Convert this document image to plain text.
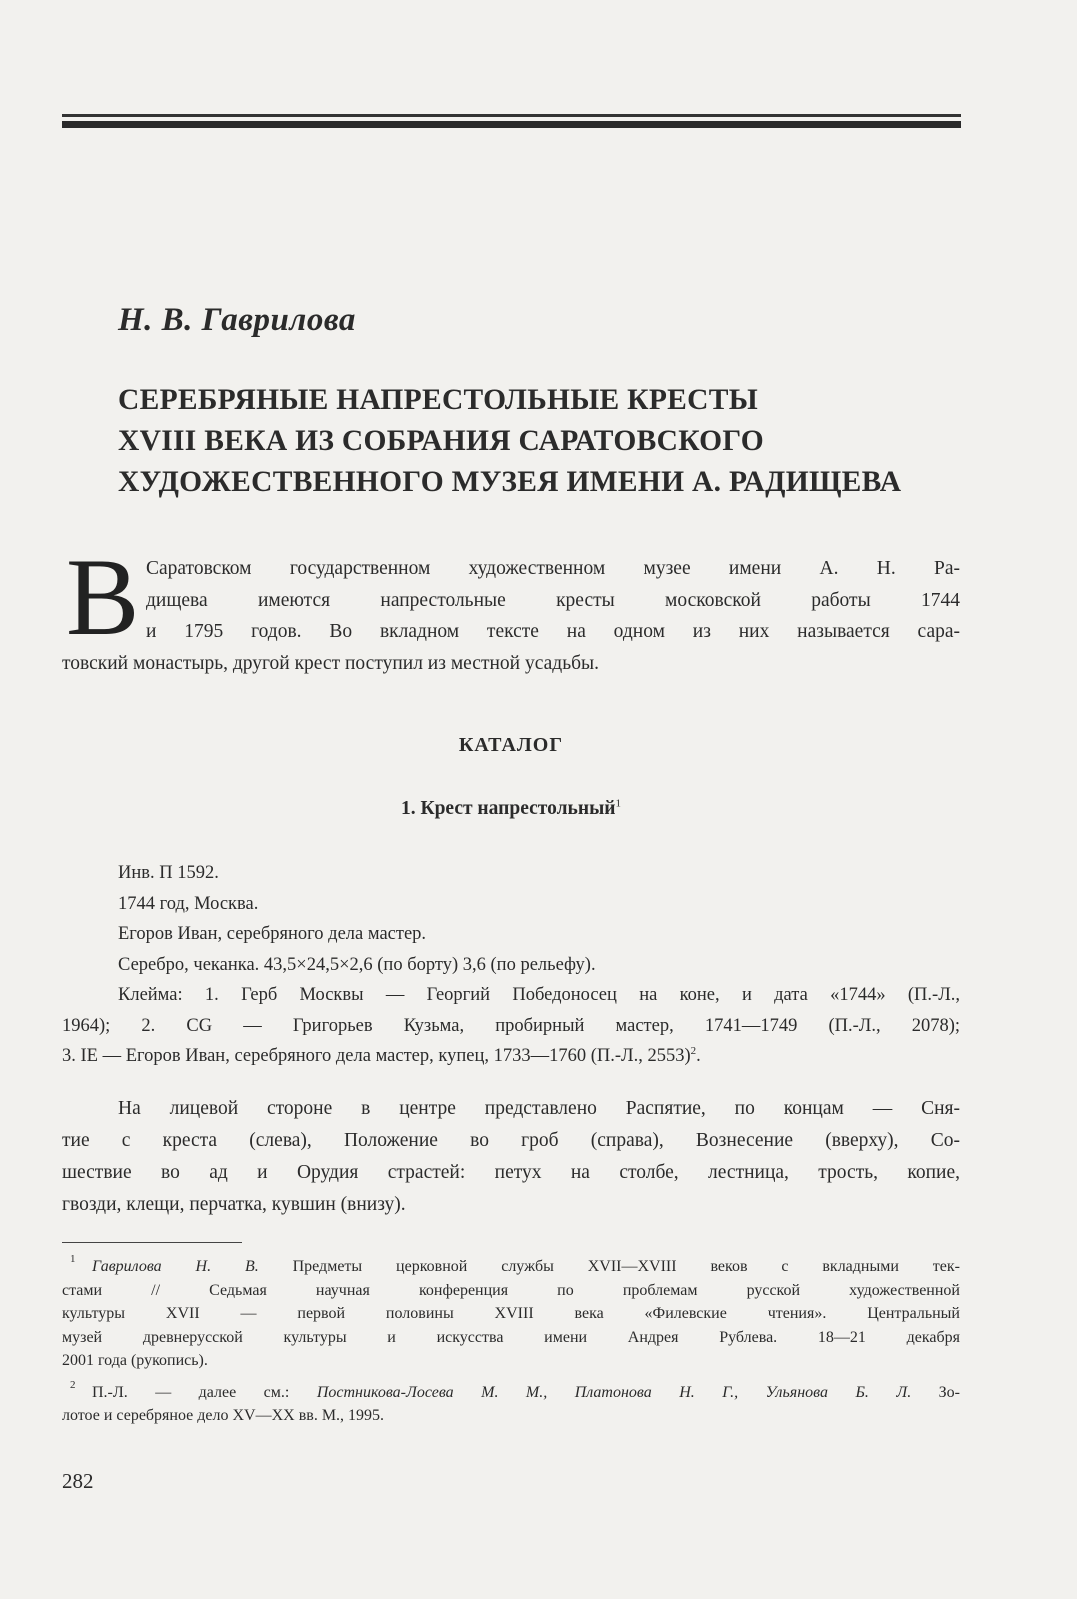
Н. В. Гаврилова

СЕРЕБРЯНЫЕ НАПРЕСТОЛЬНЫЕ КРЕСТЫ
XVIII ВЕКА ИЗ СОБРАНИЯ САРАТОВСКОГО
ХУДОЖЕСТВЕННОГО МУЗЕЯ ИМЕНИ А. РАДИЩЕВА
В Саратовском государственном художественном музее имени А. Н. Ра-
дищева имеются напрестольные кресты московской работы 1744
и 1795 годов. Во вкладном тексте на одном из них называется сара-
товский монастырь, другой крест поступил из местной усадьбы.
КАТАЛОГ
1. Крест напрестольный$^1$
Инв. П 1592.
1744 год, Москва.
Егоров Иван, серебряного дела мастер.
Серебро, чеканка. 43,5×24,5×2,6 (по борту) 3,6 (по рельефу).
Клейма: 1. Герб Москвы — Георгий Победоносец на коне, и дата «1744» (П.-Л.,
1964); 2. CG — Григорьев Кузьма, пробирный мастер, 1741—1749 (П.-Л., 2078);
3. IE — Егоров Иван, серебряного дела мастер, купец, 1733—1760 (П.-Л., 2553)$^2$.
На лицевой стороне в центре представлено Распятие, по концам — Сня-
тие с креста (слева), Положение во гроб (справа), Вознесение (вверху), Со-
шествие во ад и Орудия страстей: петух на столбе, лестница, трость, копие,
гвозди, клещи, перчатка, кувшин (внизу).
1 Гаврилова Н. В. Предметы церковной службы XVII—XVIII веков с вкладными тек-
стами // Седьмая научная конференция по проблемам русской художественной
культуры XVII — первой половины XVIII века «Филевские чтения». Центральный
музей древнерусской культуры и искусства имени Андрея Рублева. 18—21 декабря
2001 года (рукопись).
2 П.-Л. — далее см.: Постникова-Лосева М. М., Платонова Н. Г., Ульянова Б. Л. Зо-
лотое и серебряное дело XV—XX вв. М., 1995.

282
